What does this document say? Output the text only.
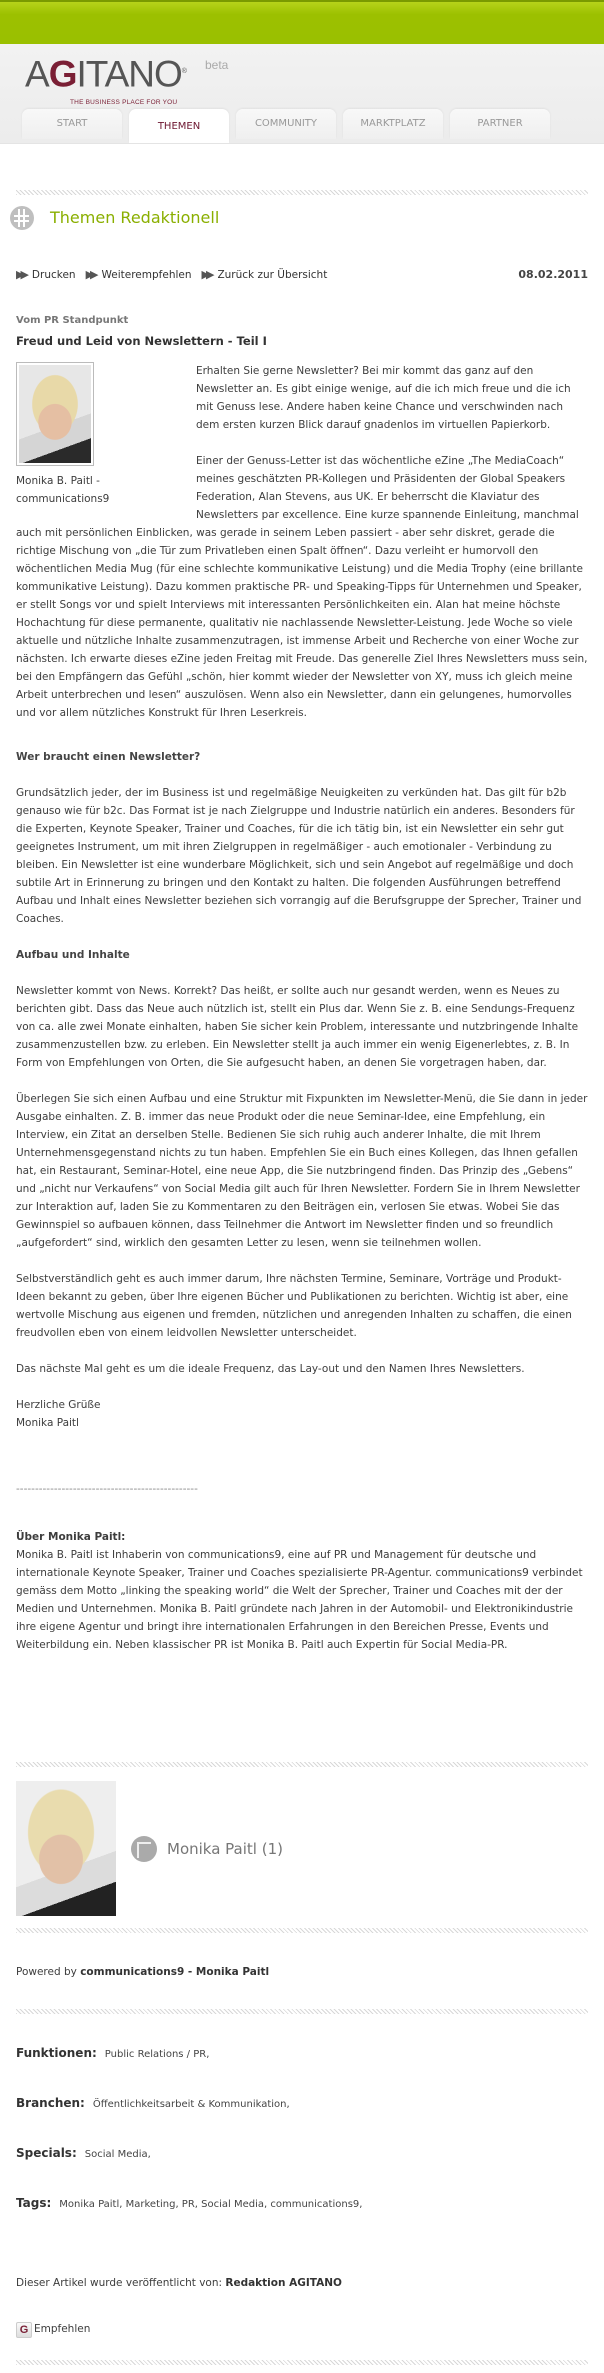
AGITANO® beta
THE BUSINESS PLACE FOR YOU
START	THEMEN	COMMUNITY	MARKTPLATZ	PARTNER
Themen Redaktionell
▶▶ Drucken ▶▶ Weiterempfehlen ▶▶ Zurück zur Übersicht	08.02.2011
Vom PR Standpunkt
Freud und Leid von Newslettern - Teil I
Monika B. Paitl -
communications9

Erhalten Sie gerne Newsletter? Bei mir kommt das ganz auf den Newsletter an. Es gibt einige wenige, auf die ich mich freue und die ich mit Genuss lese. Andere haben keine Chance und verschwinden nach dem ersten kurzen Blick darauf gnadenlos im virtuellen Papierkorb.

Einer der Genuss-Letter ist das wöchentliche eZine „The MediaCoach“ meines geschätzten PR-Kollegen und Präsidenten der Global Speakers Federation, Alan Stevens, aus UK. Er beherrscht die Klaviatur des Newsletters par excellence. Eine kurze spannende Einleitung, manchmal auch mit persönlichen Einblicken, was gerade in seinem Leben passiert - aber sehr diskret, gerade die richtige Mischung von „die Tür zum Privatleben einen Spalt öffnen“. Dazu verleiht er humorvoll den wöchentlichen Media Mug (für eine schlechte kommunikative Leistung) und die Media Trophy (eine brillante kommunikative Leistung). Dazu kommen praktische PR- und Speaking-Tipps für Unternehmen und Speaker, er stellt Songs vor und spielt Interviews mit interessanten Persönlichkeiten ein. Alan hat meine höchste Hochachtung für diese permanente, qualitativ nie nachlassende Newsletter-Leistung. Jede Woche so viele aktuelle und nützliche Inhalte zusammenzutragen, ist immense Arbeit und Recherche von einer Woche zur nächsten. Ich erwarte dieses eZine jeden Freitag mit Freude. Das generelle Ziel Ihres Newsletters muss sein, bei den Empfängern das Gefühl „schön, hier kommt wieder der Newsletter von XY, muss ich gleich meine Arbeit unterbrechen und lesen“ auszulösen. Wenn also ein Newsletter, dann ein gelungenes, humorvolles und vor allem nützliches Konstrukt für Ihren Leserkreis.

Wer braucht einen Newsletter?

Grundsätzlich jeder, der im Business ist und regelmäßige Neuigkeiten zu verkünden hat. Das gilt für b2b genauso wie für b2c. Das Format ist je nach Zielgruppe und Industrie natürlich ein anderes. Besonders für die Experten, Keynote Speaker, Trainer und Coaches, für die ich tätig bin, ist ein Newsletter ein sehr gut geeignetes Instrument, um mit ihren Zielgruppen in regelmäßiger - auch emotionaler - Verbindung zu bleiben. Ein Newsletter ist eine wunderbare Möglichkeit, sich und sein Angebot auf regelmäßige und doch subtile Art in Erinnerung zu bringen und den Kontakt zu halten. Die folgenden Ausführungen betreffend Aufbau und Inhalt eines Newsletter beziehen sich vorrangig auf die Berufsgruppe der Sprecher, Trainer und Coaches.

Aufbau und Inhalte

Newsletter kommt von News. Korrekt? Das heißt, er sollte auch nur gesandt werden, wenn es Neues zu berichten gibt. Dass das Neue auch nützlich ist, stellt ein Plus dar. Wenn Sie z. B. eine Sendungs-Frequenz von ca. alle zwei Monate einhalten, haben Sie sicher kein Problem, interessante und nutzbringende Inhalte zusammenzustellen bzw. zu erleben. Ein Newsletter stellt ja auch immer ein wenig Eigenerlebtes, z. B. In Form von Empfehlungen von Orten, die Sie aufgesucht haben, an denen Sie vorgetragen haben, dar.

Überlegen Sie sich einen Aufbau und eine Struktur mit Fixpunkten im Newsletter-Menü, die Sie dann in jeder Ausgabe einhalten. Z. B. immer das neue Produkt oder die neue Seminar-Idee, eine Empfehlung, ein Interview, ein Zitat an derselben Stelle. Bedienen Sie sich ruhig auch anderer Inhalte, die mit Ihrem Unternehmensgegenstand nichts zu tun haben. Empfehlen Sie ein Buch eines Kollegen, das Ihnen gefallen hat, ein Restaurant, Seminar-Hotel, eine neue App, die Sie nutzbringend finden. Das Prinzip des „Gebens“ und „nicht nur Verkaufens“ von Social Media gilt auch für Ihren Newsletter. Fordern Sie in Ihrem Newsletter zur Interaktion auf, laden Sie zu Kommentaren zu den Beiträgen ein, verlosen Sie etwas. Wobei Sie das Gewinnspiel so aufbauen können, dass Teilnehmer die Antwort im Newsletter finden und so freundlich „aufgefordert“ sind, wirklich den gesamten Letter zu lesen, wenn sie teilnehmen wollen.

Selbstverständlich geht es auch immer darum, Ihre nächsten Termine, Seminare, Vorträge und Produkt-Ideen bekannt zu geben, über Ihre eigenen Bücher und Publikationen zu berichten. Wichtig ist aber, eine wertvolle Mischung aus eigenen und fremden, nützlichen und anregenden Inhalten zu schaffen, die einen freudvollen eben von einem leidvollen Newsletter unterscheidet.

Das nächste Mal geht es um die ideale Frequenz, das Lay-out und den Namen Ihres Newsletters.

Herzliche Grüße
Monika Paitl
------------------------------------------------
Über Monika Paitl:

Monika B. Paitl ist Inhaberin von communications9, eine auf PR und Management für deutsche und internationale Keynote Speaker, Trainer und Coaches spezialisierte PR-Agentur. communications9 verbindet gemäss dem Motto „linking the speaking world“ die Welt der Sprecher, Trainer und Coaches mit der der Medien und Unternehmen. Monika B. Paitl gründete nach Jahren in der Automobil- und Elektronikindustrie ihre eigene Agentur und bringt ihre internationalen Erfahrungen in den Bereichen Presse, Events und Weiterbildung ein. Neben klassischer PR ist Monika B. Paitl auch Expertin für Social Media-PR.

Monika Paitl (1)
Powered by communications9 - Monika Paitl
Funktionen: Public Relations / PR,
Branchen: Öffentlichkeitsarbeit & Kommunikation,
Specials: Social Media,
Tags: Monika Paitl, Marketing, PR, Social Media, communications9,
Dieser Artikel wurde veröffentlicht von: Redaktion AGITANO
G Empfehlen
